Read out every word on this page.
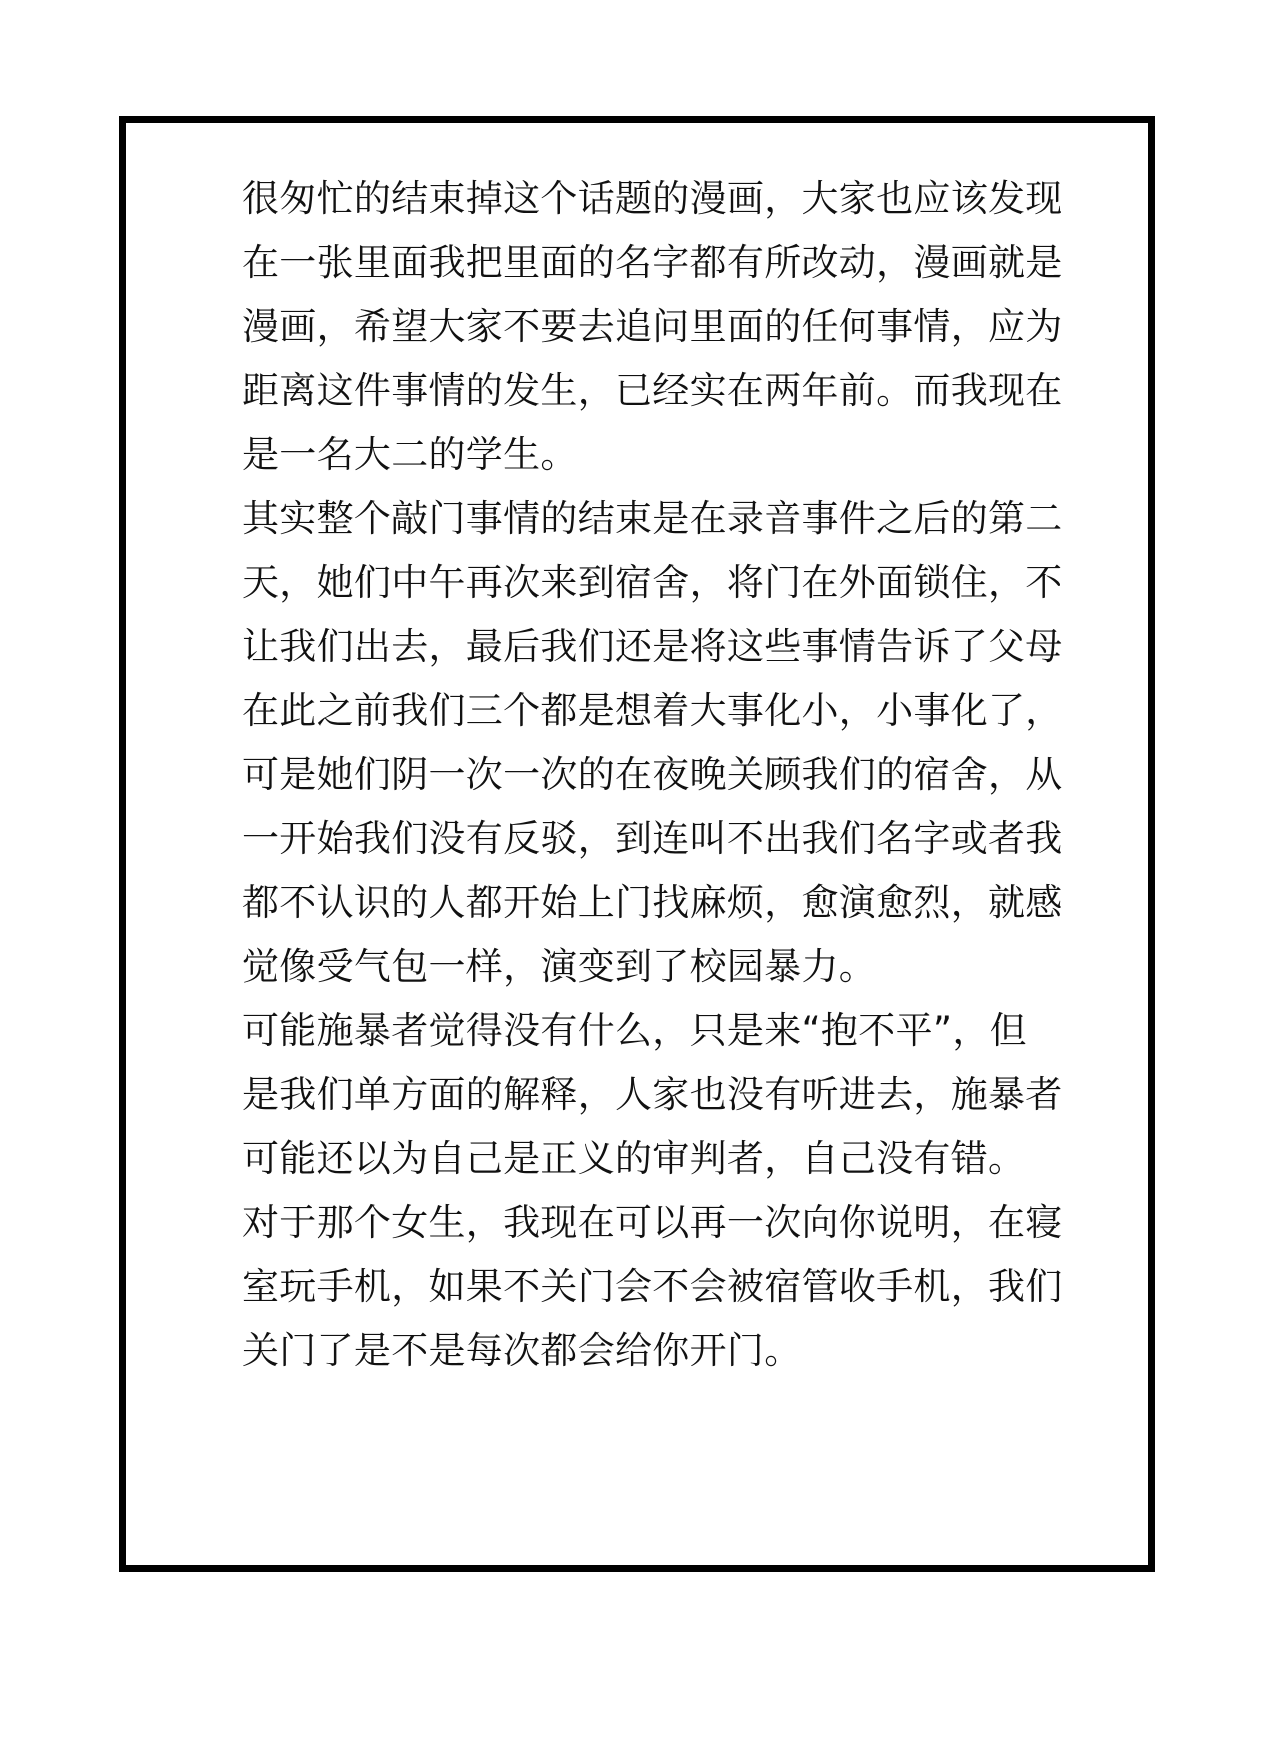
很匆忙的结束掉这个话题的漫画，大家也应该发现
在一张里面我把里面的名字都有所改动，漫画就是
漫画，希望大家不要去追问里面的任何事情，应为
距离这件事情的发生，已经实在两年前。而我现在
是一名大二的学生。
其实整个敲门事情的结束是在录音事件之后的第二
天，她们中午再次来到宿舍，将门在外面锁住，不
让我们出去，最后我们还是将这些事情告诉了父母
在此之前我们三个都是想着大事化小，小事化了，
可是她们阴一次一次的在夜晚关顾我们的宿舍，从
一开始我们没有反驳，到连叫不出我们名字或者我
都不认识的人都开始上门找麻烦，愈演愈烈，就感
觉像受气包一样，演变到了校园暴力。
可能施暴者觉得没有什么，只是来“抱不平”，但
是我们单方面的解释，人家也没有听进去，施暴者
可能还以为自己是正义的审判者，自己没有错。
对于那个女生，我现在可以再一次向你说明，在寝
室玩手机，如果不关门会不会被宿管收手机，我们
关门了是不是每次都会给你开门。
